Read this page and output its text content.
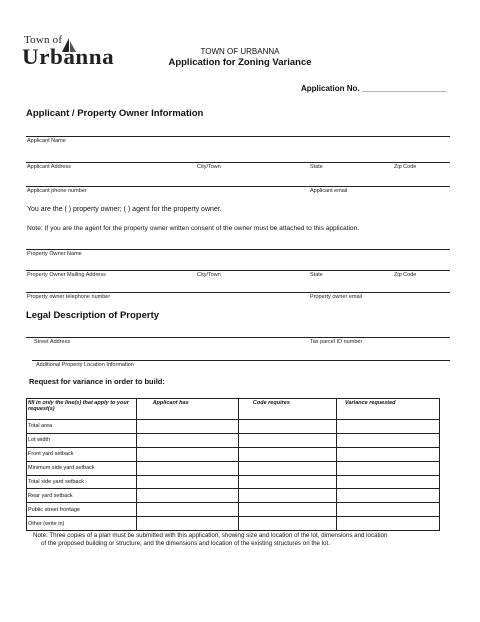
Town of
Urbanna	TOWN OF URBANNA
Application for Zoning Variance
Application No. ___________________
Applicant / Property Owner Information
Applicant Name
Applicant Address	City/Town	State	Zip Code
Applicant phone number	Applicant email
You are the ( ) property owner; ( ) agent for the property owner.
Note: If you are the agent for the property owner written consent of the owner must be attached to this application.
Property Owner Name
Property Owner Mailing Address	City/Town	State	Zip Code
Property owner telephone number	Property owner email
Legal Description of Property
Street Address	Tax parcel ID number
Additional Property Location Information
Request for variance in order to build:
fill in only the line(s) that apply to your request(s)	Applicant has	Code requires	Variance requested
Total area			
Lot width			
Front yard setback			
Minimum side yard setback			
Total side yard setback			
Rear yard setback			
Public street frontage			
Other (write in)			
Note: Three copies of a plan must be submitted with this application, showing size and location of the lot, dimensions and location
of the proposed building or structure, and the dimensions and location of the existing structures on the lot.
